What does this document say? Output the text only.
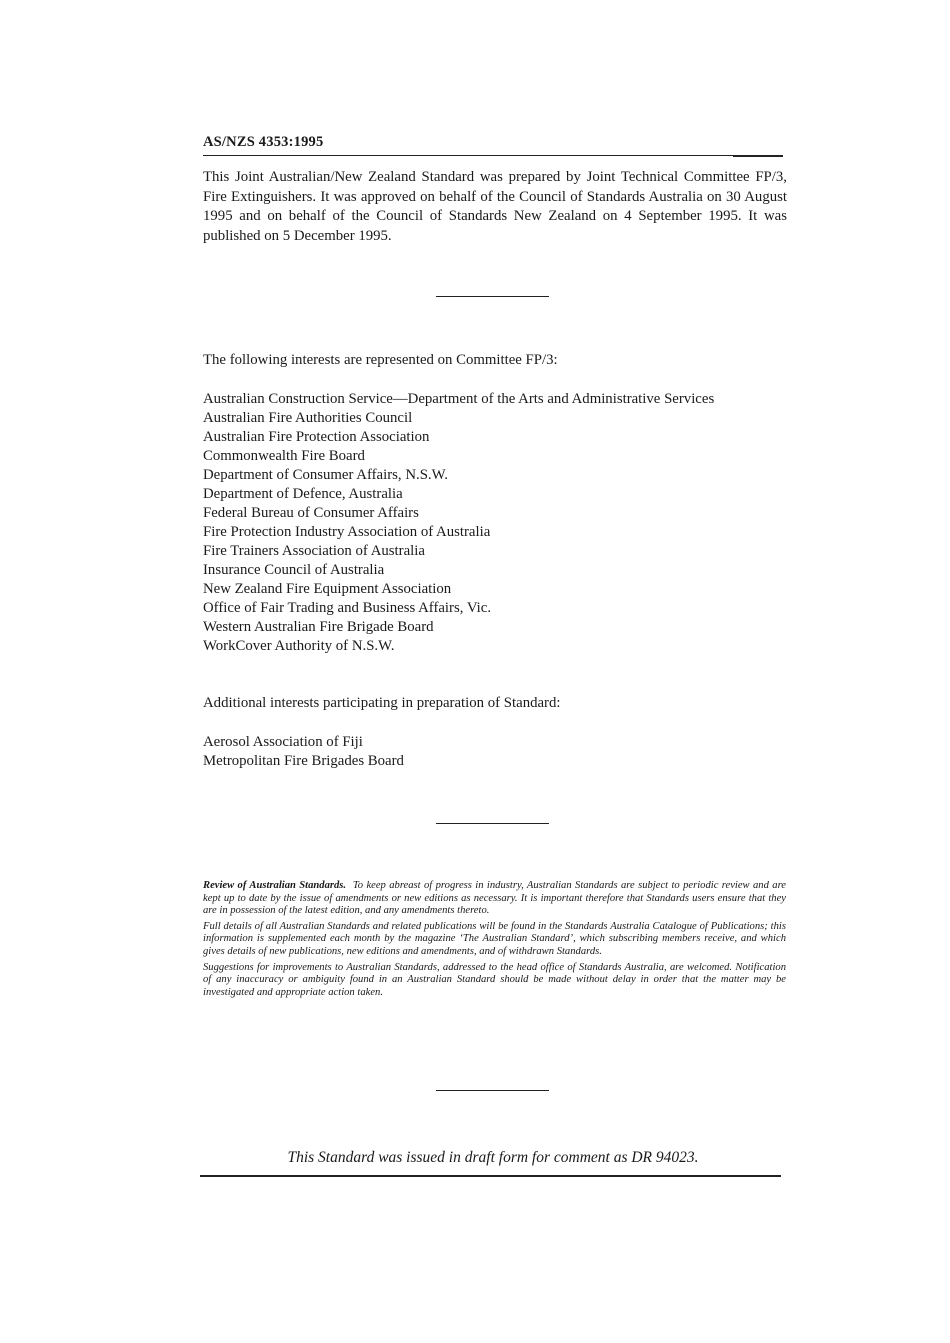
AS/NZS 4353:1995

This Joint Australian/New Zealand Standard was prepared by Joint Technical Committee FP/3, Fire Extinguishers. It was approved on behalf of the Council of Standards Australia on 30 August 1995 and on behalf of the Council of Standards New Zealand on 4 September 1995. It was published on 5 December 1995.

The following interests are represented on Committee FP/3:
Australian Construction Service—Department of the Arts and Administrative Services
Australian Fire Authorities Council
Australian Fire Protection Association
Commonwealth Fire Board
Department of Consumer Affairs, N.S.W.
Department of Defence, Australia
Federal Bureau of Consumer Affairs
Fire Protection Industry Association of Australia
Fire Trainers Association of Australia
Insurance Council of Australia
New Zealand Fire Equipment Association
Office of Fair Trading and Business Affairs, Vic.
Western Australian Fire Brigade Board
WorkCover Authority of N.S.W.
Additional interests participating in preparation of Standard:
Aerosol Association of Fiji
Metropolitan Fire Brigades Board

Review of Australian Standards. To keep abreast of progress in industry, Australian Standards are subject to periodic review and are kept up to date by the issue of amendments or new editions as necessary. It is important therefore that Standards users ensure that they are in possession of the latest edition, and any amendments thereto.

Full details of all Australian Standards and related publications will be found in the Standards Australia Catalogue of Publications; this information is supplemented each month by the magazine ‘The Australian Standard’, which subscribing members receive, and which gives details of new publications, new editions and amendments, and of withdrawn Standards.

Suggestions for improvements to Australian Standards, addressed to the head office of Standards Australia, are welcomed. Notification of any inaccuracy or ambiguity found in an Australian Standard should be made without delay in order that the matter may be investigated and appropriate action taken.

This Standard was issued in draft form for comment as DR 94023.
